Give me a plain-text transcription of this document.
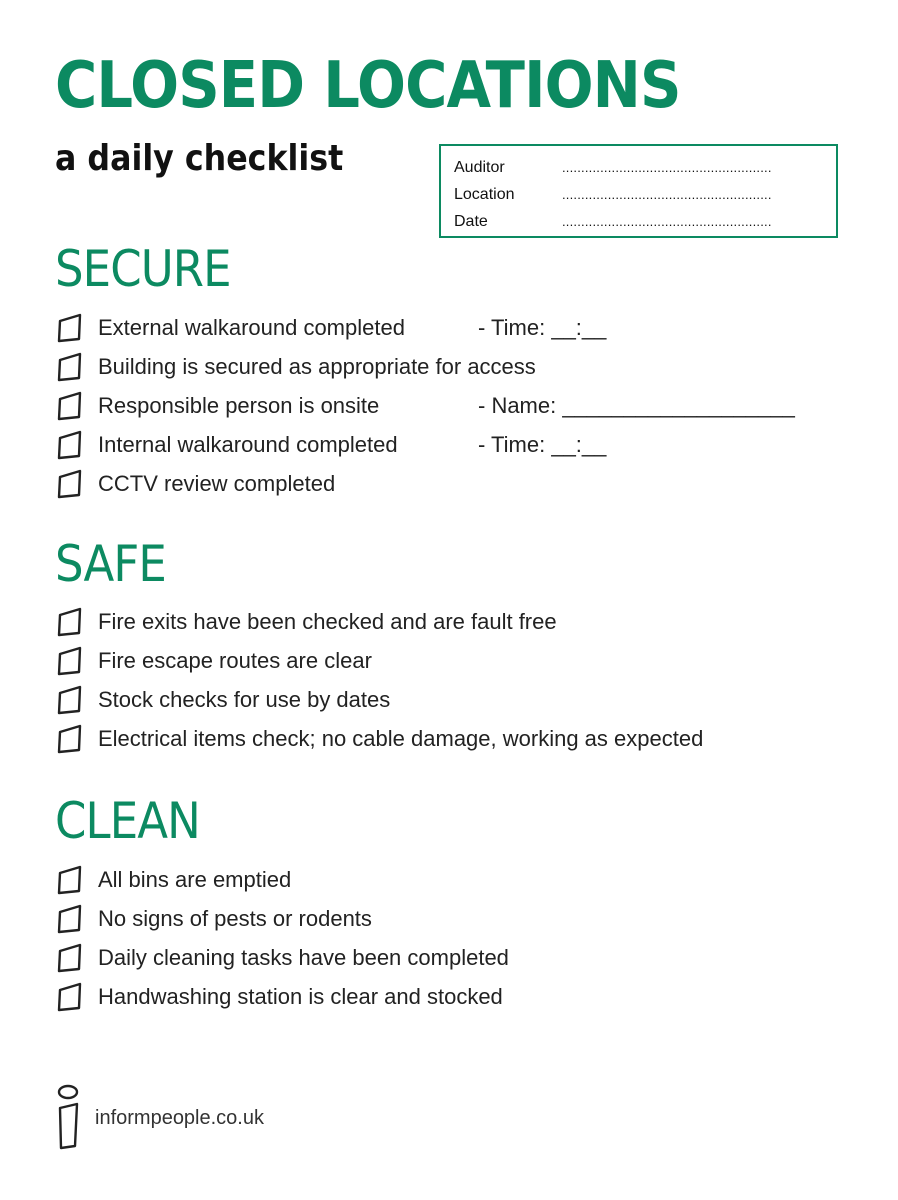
CLOSED LOCATIONS
a daily checklist	Auditor	.......................................................
Location	.......................................................
Date	.......................................................
SECURE
External walkaround completed	- Time: __:__
Building is secured as appropriate for access
Responsible person is onsite	- Name: ___________________
Internal walkaround completed	- Time: __:__
CCTV review completed
SAFE
Fire exits have been checked and are fault free
Fire escape routes are clear
Stock checks for use by dates
Electrical items check; no cable damage, working as expected
CLEAN
All bins are emptied
No signs of pests or rodents
Daily cleaning tasks have been completed
Handwashing station is clear and stocked
informpeople.co.uk
